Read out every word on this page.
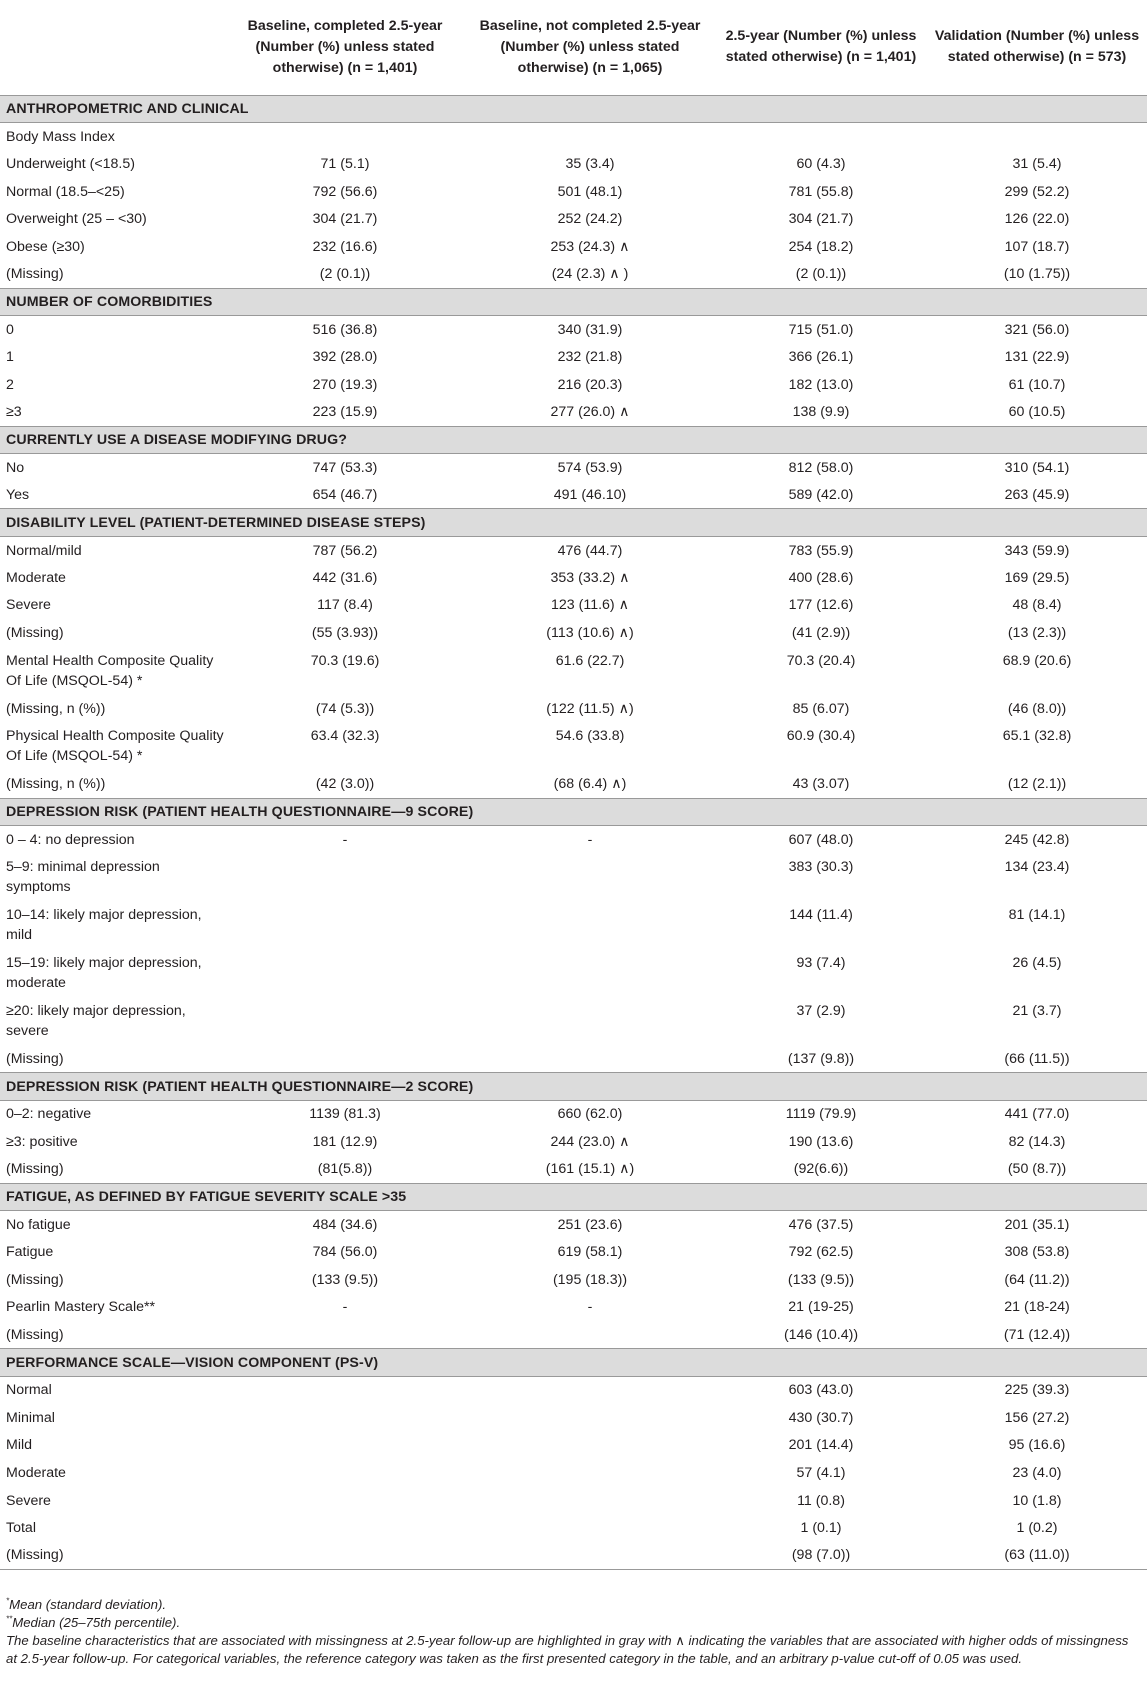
	Baseline, completed 2.5-year (Number (%) unless stated otherwise) (n = 1,401)	Baseline, not completed 2.5-year (Number (%) unless stated otherwise) (n = 1,065)	2.5-year (Number (%) unless stated otherwise) (n = 1,401)	Validation (Number (%) unless stated otherwise) (n = 573)
ANTHROPOMETRIC AND CLINICAL				
Body Mass Index				
Underweight (<18.5)	71 (5.1)	35 (3.4)	60 (4.3)	31 (5.4)
Normal (18.5–<25)	792 (56.6)	501 (48.1)	781 (55.8)	299 (52.2)
Overweight (25 – <30)	304 (21.7)	252 (24.2)	304 (21.7)	126 (22.0)
Obese (≥30)	232 (16.6)	253 (24.3) ∧	254 (18.2)	107 (18.7)
(Missing)	(2 (0.1))	(24 (2.3) ∧ )	(2 (0.1))	(10 (1.75))
NUMBER OF COMORBIDITIES				
0	516 (36.8)	340 (31.9)	715 (51.0)	321 (56.0)
1	392 (28.0)	232 (21.8)	366 (26.1)	131 (22.9)
2	270 (19.3)	216 (20.3)	182 (13.0)	61 (10.7)
≥3	223 (15.9)	277 (26.0) ∧	138 (9.9)	60 (10.5)
CURRENTLY USE A DISEASE MODIFYING DRUG?				
No	747 (53.3)	574 (53.9)	812 (58.0)	310 (54.1)
Yes	654 (46.7)	491 (46.10)	589 (42.0)	263 (45.9)
DISABILITY LEVEL (PATIENT-DETERMINED DISEASE STEPS)				
Normal/mild	787 (56.2)	476 (44.7)	783 (55.9)	343 (59.9)
Moderate	442 (31.6)	353 (33.2) ∧	400 (28.6)	169 (29.5)
Severe	117 (8.4)	123 (11.6) ∧	177 (12.6)	48 (8.4)
(Missing)	(55 (3.93))	(113 (10.6) ∧)	(41 (2.9))	(13 (2.3))
Mental Health Composite Quality Of Life (MSQOL-54) *	70.3 (19.6)	61.6 (22.7)	70.3 (20.4)	68.9 (20.6)
(Missing, n (%))	(74 (5.3))	(122 (11.5) ∧)	85 (6.07)	(46 (8.0))
Physical Health Composite Quality Of Life (MSQOL-54) *	63.4 (32.3)	54.6 (33.8)	60.9 (30.4)	65.1 (32.8)
(Missing, n (%))	(42 (3.0))	(68 (6.4) ∧)	43 (3.07)	(12 (2.1))
DEPRESSION RISK (PATIENT HEALTH QUESTIONNAIRE—9 SCORE)				
0 – 4: no depression	-	-	607 (48.0)	245 (42.8)
5–9: minimal depression symptoms			383 (30.3)	134 (23.4)
10–14: likely major depression, mild			144 (11.4)	81 (14.1)
15–19: likely major depression, moderate			93 (7.4)	26 (4.5)
≥20: likely major depression, severe			37 (2.9)	21 (3.7)
(Missing)			(137 (9.8))	(66 (11.5))
DEPRESSION RISK (PATIENT HEALTH QUESTIONNAIRE—2 SCORE)				
0–2: negative	1139 (81.3)	660 (62.0)	1119 (79.9)	441 (77.0)
≥3: positive	181 (12.9)	244 (23.0) ∧	190 (13.6)	82 (14.3)
(Missing)	(81(5.8))	(161 (15.1) ∧)	(92(6.6))	(50 (8.7))
FATIGUE, AS DEFINED BY FATIGUE SEVERITY SCALE >35				
No fatigue	484 (34.6)	251 (23.6)	476 (37.5)	201 (35.1)
Fatigue	784 (56.0)	619 (58.1)	792 (62.5)	308 (53.8)
(Missing)	(133 (9.5))	(195 (18.3))	(133 (9.5))	(64 (11.2))
Pearlin Mastery Scale**	-	-	21 (19-25)	21 (18-24)
(Missing)			(146 (10.4))	(71 (12.4))
PERFORMANCE SCALE—VISION COMPONENT (PS-V)				
Normal			603 (43.0)	225 (39.3)
Minimal			430 (30.7)	156 (27.2)
Mild			201 (14.4)	95 (16.6)
Moderate			57 (4.1)	23 (4.0)
Severe			11 (0.8)	10 (1.8)
Total			1 (0.1)	1 (0.2)
(Missing)			(98 (7.0))	(63 (11.0))

*Mean (standard deviation).

**Median (25–75th percentile).

The baseline characteristics that are associated with missingness at 2.5-year follow-up are highlighted in gray with ∧ indicating the variables that are associated with higher odds of missingness at 2.5-year follow-up. For categorical variables, the reference category was taken as the first presented category in the table, and an arbitrary p-value cut-off of 0.05 was used.
